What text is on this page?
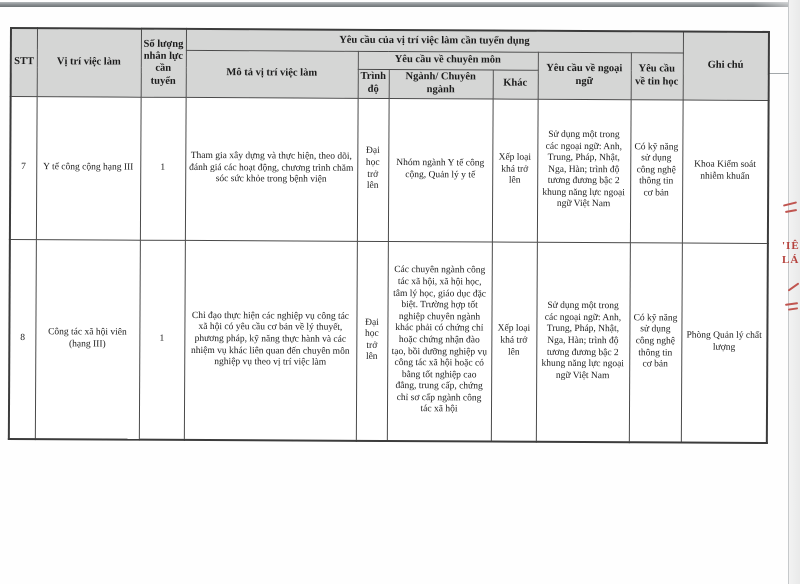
STT	Vị trí việc làm	Số lượng nhân lực cần tuyển	Yêu cầu của vị trí việc làm cần tuyển dụng						Ghi chú
			Mô tả vị trí việc làm	Yêu cầu về chuyên môn			Yêu cầu về ngoại ngữ	Yêu cầu về tin học	
				Trình độ	Ngành/ Chuyên ngành	Khác			
7	Y tế công cộng hạng III	1	Tham gia xây dựng và thực hiện, theo dõi, đánh giá các hoạt động, chương trình chăm sóc sức khỏe trong bệnh viện	Đại học trở lên	Nhóm ngành Y tế công cộng, Quản lý y tế	Xếp loại khá trở lên	Sử dụng một trong các ngoại ngữ: Anh, Trung, Pháp, Nhật, Nga, Hàn; trình độ tương đương bậc 2 khung năng lực ngoại ngữ Việt Nam	Có kỹ năng sử dụng công nghệ thông tin cơ bản	Khoa Kiểm soát nhiễm khuẩn
8	Công tác xã hội viên (hạng III)	1	Chỉ đạo thực hiện các nghiệp vụ công tác xã hội có yêu cầu cơ bản về lý thuyết, phương pháp, kỹ năng thực hành và các nhiệm vụ khác liên quan đến chuyên môn nghiệp vụ theo vị trí việc làm	Đại học trở lên	Các chuyên ngành công tác xã hội, xã hội học, tâm lý học, giáo dục đặc biệt. Trường hợp tốt nghiệp chuyên ngành khác phải có chứng chỉ hoặc chứng nhận đào tạo, bồi dưỡng nghiệp vụ công tác xã hội hoặc có bằng tốt nghiệp cao đẳng, trung cấp, chứng chỉ sơ cấp ngành công tác xã hội	Xếp loại khá trở lên	Sử dụng một trong các ngoại ngữ: Anh, Trung, Pháp, Nhật, Nga, Hàn; trình độ tương đương bậc 2 khung năng lực ngoại ngữ Việt Nam	Có kỹ năng sử dụng công nghệ thông tin cơ bản	Phòng Quản lý chất lượng
'IÊ
LÁ
